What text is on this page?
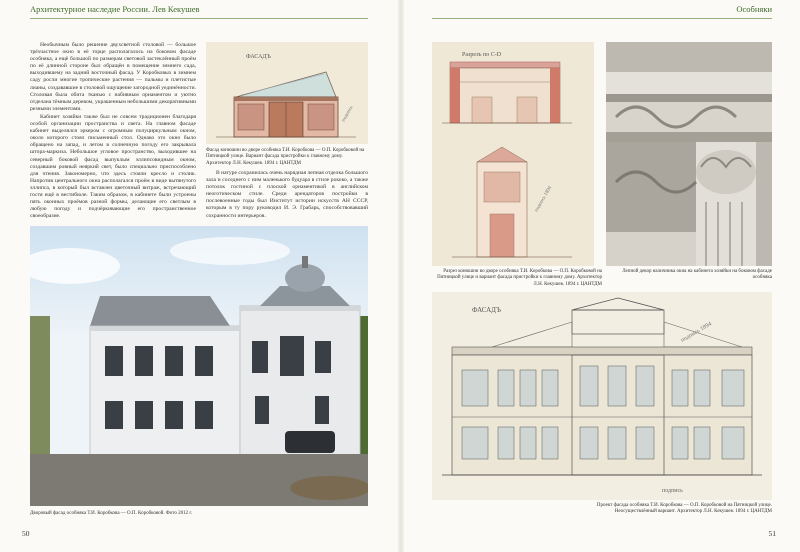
Архитектурное наследие России. Лев Кекушев	Особняки

Необычным было решение двухсветной столовой — большое трёхчастное окно в её торце располагалось на боковом фасаде особняка, а ещё большой по размерам световой застеклённый проём по её длинной стороне был обращён в помещение зимнего сада, выходившему на задний восточный фасад. У Коробковых в зимнем саду росли многие тропические растения — пальмы и плетистые лианы, создававшие в столовой ощущение загородной уединённости. Столовая была обита тканью с набивным орнаментом и уютно отделана тёмным деревом, украшенным небольшими декоративными резными элементами.

Кабинет хозяйки также был не совсем традиционен благодаря особой организации пространства и света. На главном фасаде кабинет выделялся эркером с огромным полуциркульным окном, около которого стоял письменный стол. Однако это окно было обращено на запад, и летом в солнечную погоду его закрывала штора-маркиза. Небольшое угловое пространство, выходившее на северный боковой фасад выпуклым эллипсовидным окном, создавшим ровный неяркий свет, было специально приспособлено для чтения. Закономерно, что здесь стояли кресло и столик. Напротив центрального окна располагался проём в виде вытянутого эллипса, в который был вставлен цветочный витраж, встречающий гостя ещё в вестибюле. Таким образом, в кабинете были устроены пять оконных проёмов разной формы, делающие его светлым в любую погоду и подчёркивающие его пространственное своеобразие.

ФАСАДЪ
подпись
Фасад конюшни во дворе особняка Т.И. Коробкова — О.П. Коробковой на Пятницкой улице. Вариант фасада пристройки к главному дому. Архитектор Л.Н. Кекушев. 1894 г. ЦАНТДМ

В натуре сохранилась очень нарядная лепная отделка большого зала и соседнего с ним маленького будуара в стиле рококо, а также потолок гостиной с плоской орнаментикой в английском неоготическом стиле. Среди арендаторов постройки в послевоенные годы был Институт истории искусств АН СССР, которым в ту пору руководил И. Э. Грабарь, способствовавший сохранности интерьеров.

Дворовый фасад особняка Т.И. Коробкова — О.П. Коробковой. Фото 2012 г.
50
Разрезъ по С-D
подпись 1894
Разрез конюшни во дворе особняка Т.И. Коробкова — О.П. Коробковой на Пятницкой улице и вариант фасада пристройки к главному дому. Архитектор Л.Н. Кекушев. 1894 г. ЦАНТДМ
Лепной декор наличника окна на кабинета хозяйки на боковом фасаде особняка
ФАСАДЪ
подпись 1894
подпись
Проект фасада особняка Т.И. Коробкова — О.П. Коробковой на Пятницкой улице. Неосуществлённый вариант. Архитектор Л.Н. Кекушев. 1894 г. ЦАНТДМ
51
